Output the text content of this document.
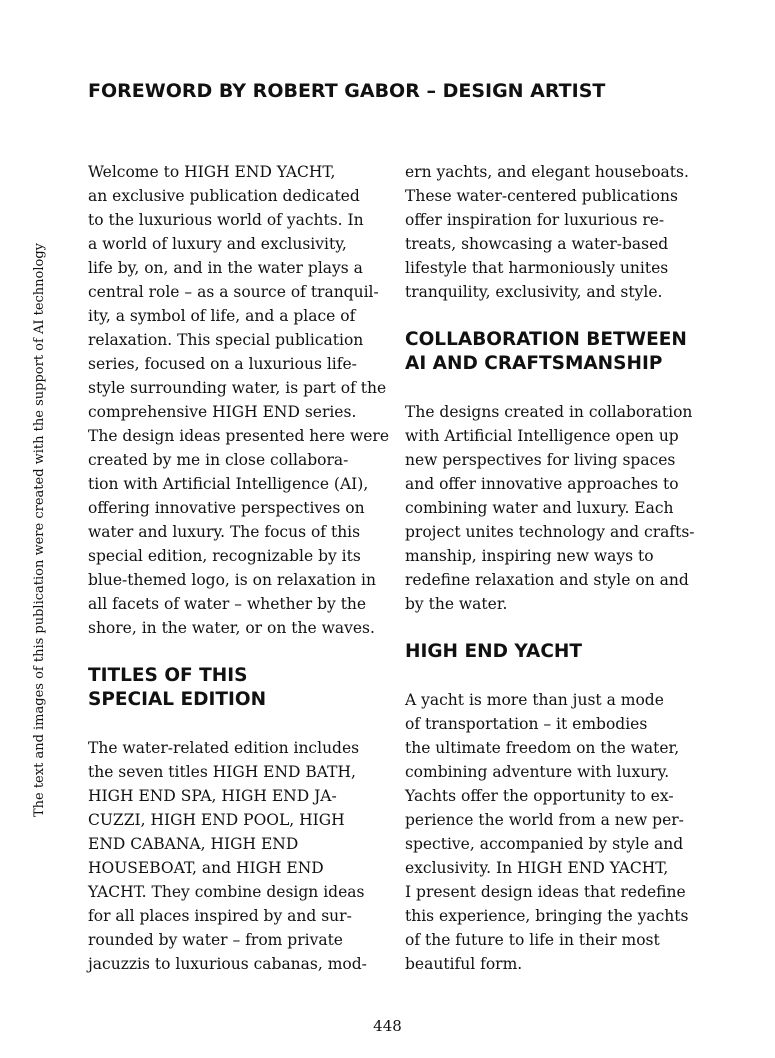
FOREWORD BY ROBERT GABOR – DESIGN ARTIST
The text and images of this publication were created with the support of AI technology

Welcome to HIGH END YACHT,
an exclusive publication dedicated
to the luxurious world of yachts. In
a world of luxury and exclusivity,
life by, on, and in the water plays a
central role – as a source of tranquil-
ity, a symbol of life, and a place of
relaxation. This special publication
series, focused on a luxurious life-
style surrounding water, is part of the
comprehensive HIGH END series.
The design ideas presented here were
created by me in close collabora-
tion with Artificial Intelligence (AI),
offering innovative perspectives on
water and luxury. The focus of this
special edition, recognizable by its
blue-themed logo, is on relaxation in
all facets of water – whether by the
shore, in the water, or on the waves.

TITLES OF THIS
SPECIAL EDITION

The water-related edition includes
the seven titles HIGH END BATH,
HIGH END SPA, HIGH END JA-
CUZZI, HIGH END POOL, HIGH
END CABANA, HIGH END
HOUSEBOAT, and HIGH END
YACHT. They combine design ideas
for all places inspired by and sur-
rounded by water – from private
jacuzzis to luxurious cabanas, mod-

ern yachts, and elegant houseboats.
These water-centered publications
offer inspiration for luxurious re-
treats, showcasing a water-based
lifestyle that harmoniously unites
tranquility, exclusivity, and style.

COLLABORATION BETWEEN
AI AND CRAFTSMANSHIP

The designs created in collaboration
with Artificial Intelligence open up
new perspectives for living spaces
and offer innovative approaches to
combining water and luxury. Each
project unites technology and crafts-
manship, inspiring new ways to
redefine relaxation and style on and
by the water.

HIGH END YACHT

A yacht is more than just a mode
of transportation – it embodies
the ultimate freedom on the water,
combining adventure with luxury.
Yachts offer the opportunity to ex-
perience the world from a new per-
spective, accompanied by style and
exclusivity. In HIGH END YACHT,
I present design ideas that redefine
this experience, bringing the yachts
of the future to life in their most
beautiful form.

448
